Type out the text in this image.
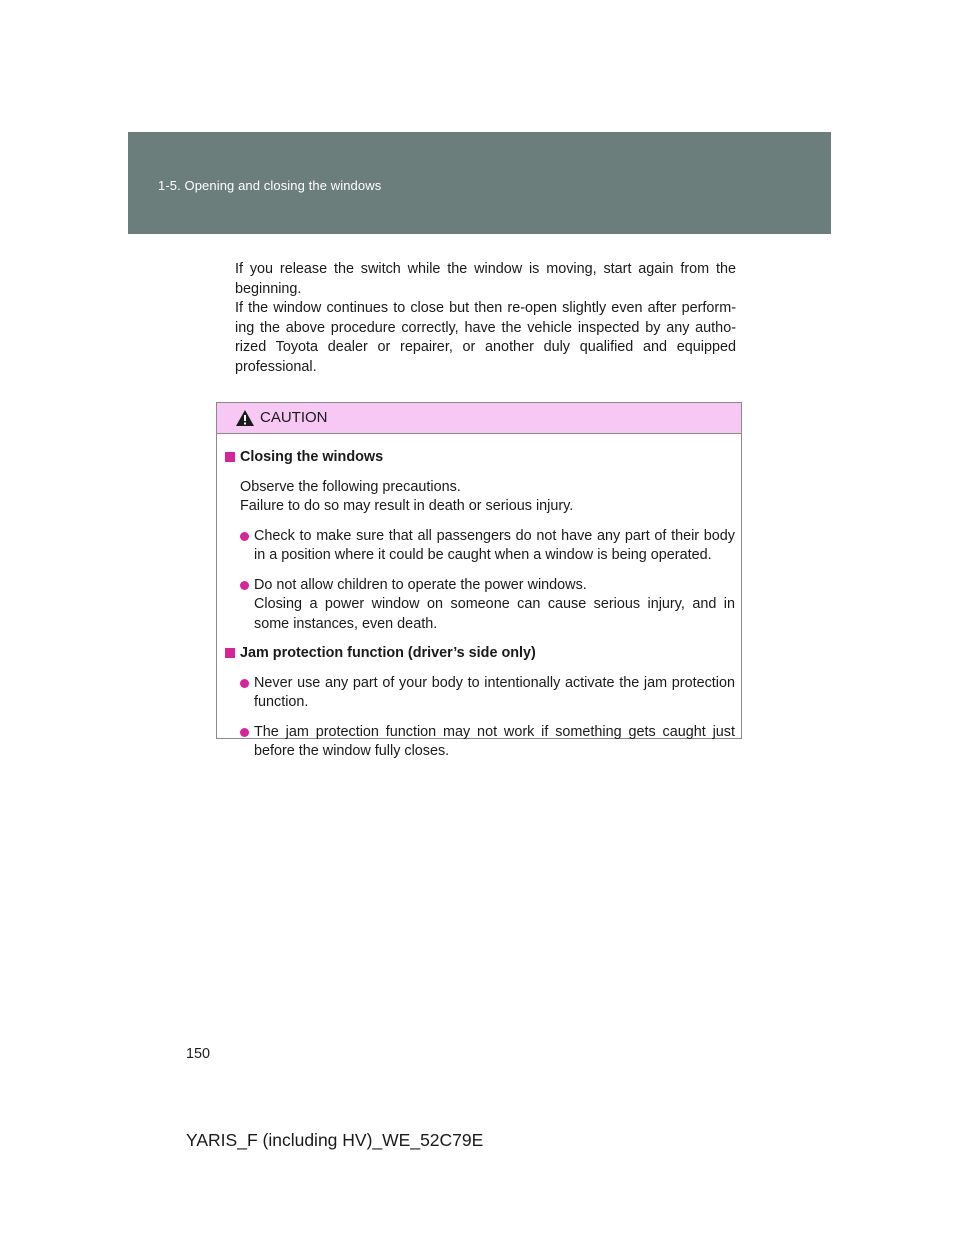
1-5. Opening and closing the windows

If you release the switch while the window is moving, start again from the beginning.

If the window continues to close but then re-open slightly even after perform-ing the above procedure correctly, have the vehicle inspected by any autho-rized Toyota dealer or repairer, or another duly qualified and equipped professional.

CAUTION
Closing the windows
Observe the following precautions.
Failure to do so may result in death or serious injury.
Check to make sure that all passengers do not have any part of their body in a position where it could be caught when a window is being operated.
Do not allow children to operate the power windows.
Closing a power window on someone can cause serious injury, and in some instances, even death.
Jam protection function (driver’s side only)
Never use any part of your body to intentionally activate the jam protection function.
The jam protection function may not work if something gets caught just before the window fully closes.
150
YARIS_F (including HV)_WE_52C79E
